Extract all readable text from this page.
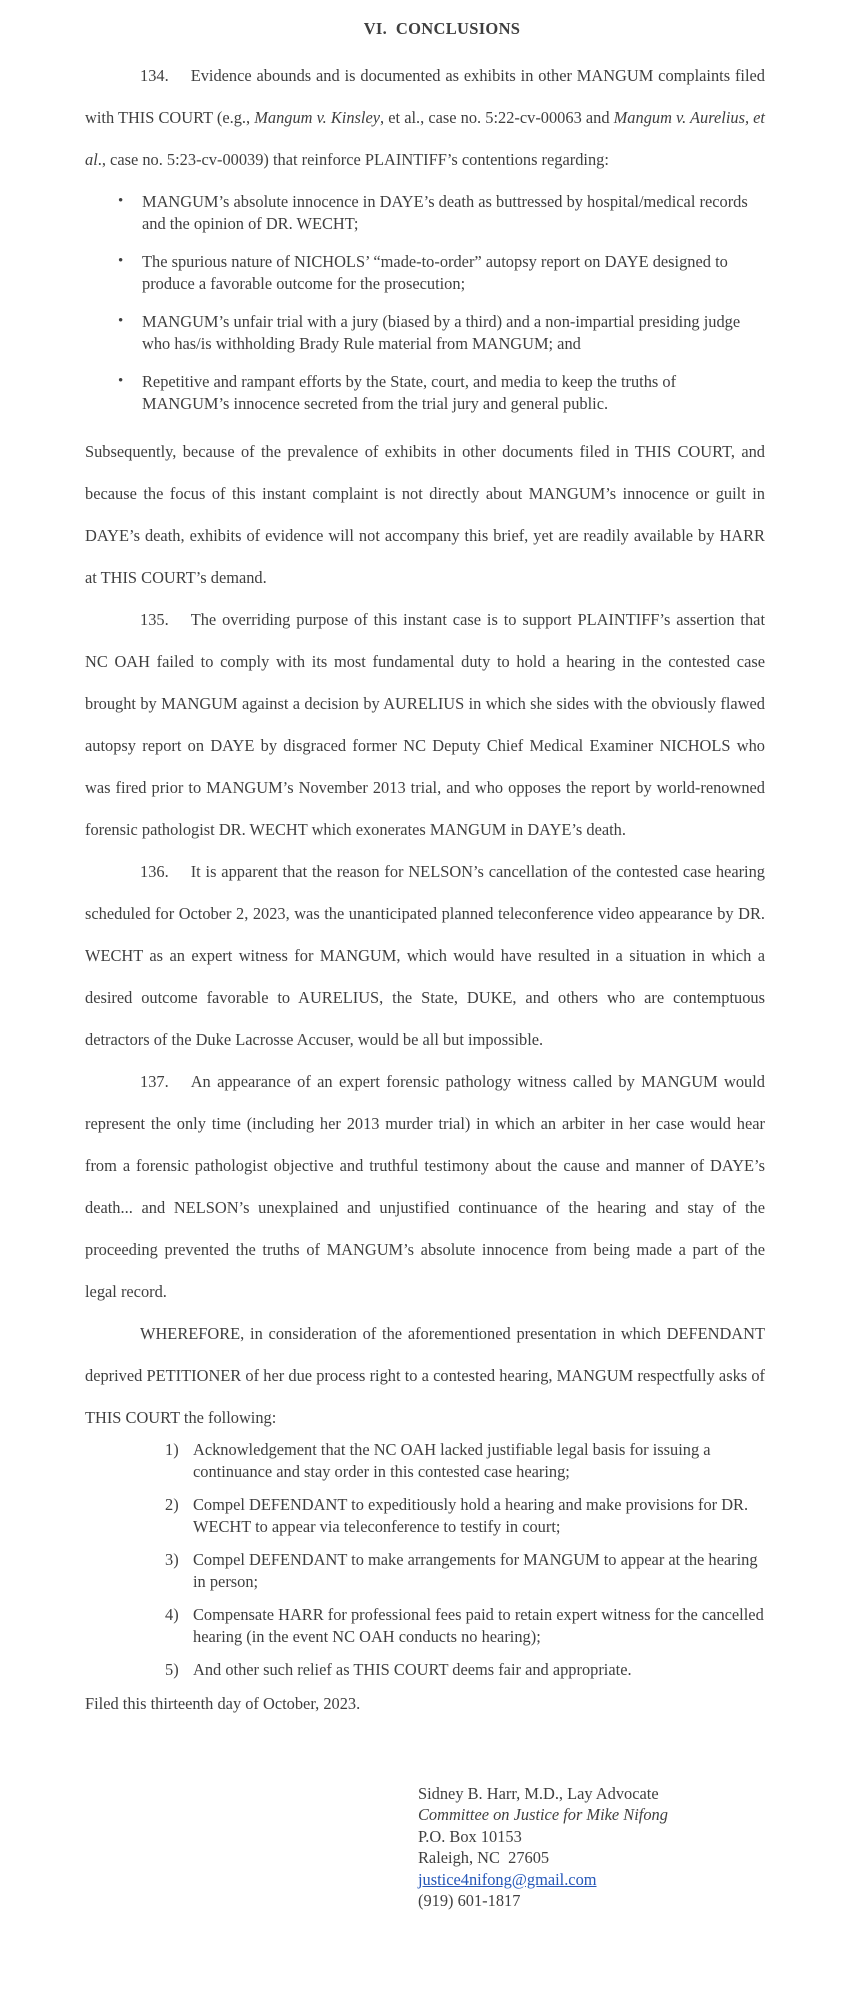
VI.  CONCLUSIONS

134. Evidence abounds and is documented as exhibits in other MANGUM complaints filed with THIS COURT (e.g., Mangum v. Kinsley, et al., case no. 5:22-cv-00063 and Mangum v. Aurelius, et al., case no. 5:23-cv-00039) that reinforce PLAINTIFF’s contentions regarding:

• MANGUM’s absolute innocence in DAYE’s death as buttressed by hospital/medical records and the opinion of DR. WECHT;
• The spurious nature of NICHOLS’ “made-to-order” autopsy report on DAYE designed to produce a favorable outcome for the prosecution;
• MANGUM’s unfair trial with a jury (biased by a third) and a non-impartial presiding judge who has/is withholding Brady Rule material from MANGUM; and
• Repetitive and rampant efforts by the State, court, and media to keep the truths of MANGUM’s innocence secreted from the trial jury and general public.

Subsequently, because of the prevalence of exhibits in other documents filed in THIS COURT, and because the focus of this instant complaint is not directly about MANGUM’s innocence or guilt in DAYE’s death, exhibits of evidence will not accompany this brief, yet are readily available by HARR at THIS COURT’s demand.

135. The overriding purpose of this instant case is to support PLAINTIFF’s assertion that NC OAH failed to comply with its most fundamental duty to hold a hearing in the contested case brought by MANGUM against a decision by AURELIUS in which she sides with the obviously flawed autopsy report on DAYE by disgraced former NC Deputy Chief Medical Examiner NICHOLS who was fired prior to MANGUM’s November 2013 trial, and who opposes the report by world-renowned forensic pathologist DR. WECHT which exonerates MANGUM in DAYE’s death.

136. It is apparent that the reason for NELSON’s cancellation of the contested case hearing scheduled for October 2, 2023, was the unanticipated planned teleconference video appearance by DR. WECHT as an expert witness for MANGUM, which would have resulted in a situation in which a desired outcome favorable to AURELIUS, the State, DUKE, and others who are contemptuous detractors of the Duke Lacrosse Accuser, would be all but impossible.

137. An appearance of an expert forensic pathology witness called by MANGUM would represent the only time (including her 2013 murder trial) in which an arbiter in her case would hear from a forensic pathologist objective and truthful testimony about the cause and manner of DAYE’s death... and NELSON’s unexplained and unjustified continuance of the hearing and stay of the proceeding prevented the truths of MANGUM’s absolute innocence from being made a part of the legal record.

WHEREFORE, in consideration of the aforementioned presentation in which DEFENDANT deprived PETITIONER of her due process right to a contested hearing, MANGUM respectfully asks of THIS COURT the following:

1) Acknowledgement that the NC OAH lacked justifiable legal basis for issuing a continuance and stay order in this contested case hearing;
2) Compel DEFENDANT to expeditiously hold a hearing and make provisions for DR. WECHT to appear via teleconference to testify in court;
3) Compel DEFENDANT to make arrangements for MANGUM to appear at the hearing in person;
4) Compensate HARR for professional fees paid to retain expert witness for the cancelled hearing (in the event NC OAH conducts no hearing);
5) And other such relief as THIS COURT deems fair and appropriate.

Filed this thirteenth day of October, 2023.

Sidney B. Harr, M.D., Lay Advocate
Committee on Justice for Mike Nifong
P.O. Box 10153
Raleigh, NC  27605
justice4nifong@gmail.com
(919) 601-1817
